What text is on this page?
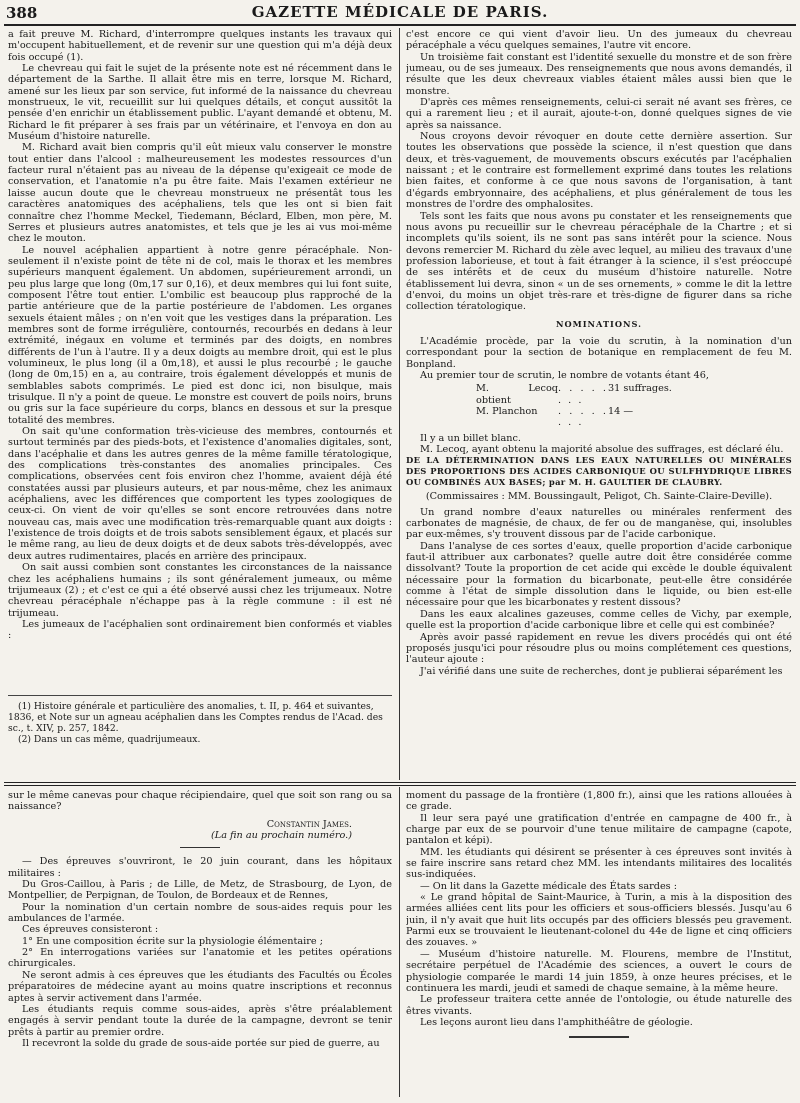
388	GAZETTE MÉDICALE DE PARIS.

a fait preuve M. Richard, d'interrompre quelques instants les travaux qui m'occupent habituellement, et de revenir sur une question qui m'a déjà deux fois occupé (1).

Le chevreau qui fait le sujet de la présente note est né récemment dans le département de la Sarthe. Il allait être mis en terre, lorsque M. Richard, amené sur les lieux par son service, fut informé de la naissance du chevreau monstrueux, le vit, recueillit sur lui quelques détails, et conçut aussitôt la pensée d'en enrichir un établissement public. L'ayant demandé et obtenu, M. Richard le fit préparer à ses frais par un vétérinaire, et l'envoya en don au Muséum d'histoire naturelle.

M. Richard avait bien compris qu'il eût mieux valu conserver le monstre tout entier dans l'alcool : malheureusement les modestes ressources d'un facteur rural n'étaient pas au niveau de la dépense qu'exigeait ce mode de conservation, et l'anatomie n'a pu être faite. Mais l'examen extérieur ne laisse aucun doute que le chevreau monstrueux ne présentât tous les caractères anatomiques des acéphaliens, tels que les ont si bien fait connaître chez l'homme Meckel, Tiedemann, Béclard, Elben, mon père, M. Serres et plusieurs autres anatomistes, et tels que je les ai vus moi-même chez le mouton.

Le nouvel acéphalien appartient à notre genre péracéphale. Non-seulement il n'existe point de tête ni de col, mais le thorax et les membres supérieurs manquent également. Un abdomen, supérieurement arrondi, un peu plus large que long (0m,17 sur 0,16), et deux membres qui lui font suite, composent l'être tout entier. L'ombilic est beaucoup plus rapproché de la partie antérieure que de la partie postérieure de l'abdomen. Les organes sexuels étaient mâles ; on n'en voit que les vestiges dans la préparation. Les membres sont de forme irrégulière, contournés, recourbés en dedans à leur extrémité, inégaux en volume et terminés par des doigts, en nombres différents de l'un à l'autre. Il y a deux doigts au membre droit, qui est le plus volumineux, le plus long (il a 0m,18), et aussi le plus recourbé ; le gauche (long de 0m,15) en a, au contraire, trois également développés et munis de semblables sabots comprimés. Le pied est donc ici, non bisulque, mais trisulque. Il n'y a point de queue. Le monstre est couvert de poils noirs, bruns ou gris sur la face supérieure du corps, blancs en dessous et sur la presque totalité des membres.

On sait qu'une conformation très-vicieuse des membres, contournés et surtout terminés par des pieds-bots, et l'existence d'anomalies digitales, sont, dans l'acéphalie et dans les autres genres de la même famille tératologique, des complications très-constantes des anomalies principales. Ces complications, observées cent fois environ chez l'homme, avaient déjà été constatées aussi par plusieurs auteurs, et par nous-même, chez les animaux acéphaliens, avec les différences que comportent les types zoologiques de ceux-ci. On vient de voir qu'elles se sont encore retrouvées dans notre nouveau cas, mais avec une modification très-remarquable quant aux doigts : l'existence de trois doigts et de trois sabots sensiblement égaux, et placés sur le même rang, au lieu de deux doigts et de deux sabots très-développés, avec deux autres rudimentaires, placés en arrière des principaux.

On sait aussi combien sont constantes les circonstances de la naissance chez les acéphaliens humains ; ils sont généralement jumeaux, ou même trijumeaux (2) ; et c'est ce qui a été observé aussi chez les trijumeaux. Notre chevreau péracéphale n'échappe pas à la règle commune : il est né trijumeau.

Les jumeaux de l'acéphalien sont ordinairement bien conformés et viables :

(1) Histoire générale et particulière des anomalies, t. II, p. 464 et suivantes, 1836, et Note sur un agneau acéphalien dans les Comptes rendus de l'Acad. des sc., t. XIV, p. 257, 1842.

(2) Dans un cas même, quadrijumeaux.

c'est encore ce qui vient d'avoir lieu. Un des jumeaux du chevreau péracéphale a vécu quelques semaines, l'autre vit encore.

Un troisième fait constant est l'identité sexuelle du monstre et de son frère jumeau, ou de ses jumeaux. Des renseignements que nous avons demandés, il résulte que les deux chevreaux viables étaient mâles aussi bien que le monstre.

D'après ces mêmes renseignements, celui-ci serait né avant ses frères, ce qui a rarement lieu ; et il aurait, ajoute-t-on, donné quelques signes de vie après sa naissance.

Nous croyons devoir révoquer en doute cette dernière assertion. Sur toutes les observations que possède la science, il n'est question que dans deux, et très-vaguement, de mouvements obscurs exécutés par l'acéphalien naissant ; et le contraire est formellement exprimé dans toutes les relations bien faites, et conforme à ce que nous savons de l'organisation, à tant d'égards embryonnaire, des acéphaliens, et plus généralement de tous les monstres de l'ordre des omphalosites.

Tels sont les faits que nous avons pu constater et les renseignements que nous avons pu recueillir sur le chevreau péracéphale de la Chartre ; et si incomplets qu'ils soient, ils ne sont pas sans intérêt pour la science. Nous devons remercier M. Richard du zèle avec lequel, au milieu des travaux d'une profession laborieuse, et tout à fait étranger à la science, il s'est préoccupé de ses intérêts et de ceux du muséum d'histoire naturelle. Notre établissement lui devra, sinon « un de ses ornements, » comme le dit la lettre d'envoi, du moins un objet très-rare et très-digne de figurer dans sa riche collection tératologique.

NOMINATIONS.

L'Académie procède, par la voie du scrutin, à la nomination d'un correspondant pour la section de botanique en remplacement de feu M. Bonpland.

Au premier tour de scrutin, le nombre de votants étant 46,

M. Lecoq obtient
. . . . . . . .
31 suffrages.
M. Planchon	. . . . . . . .
14 —

Il y a un billet blanc.

M. Lecoq, ayant obtenu la majorité absolue des suffrages, est déclaré élu.

DE LA DÉTERMINATION DANS LES EAUX NATURELLES OU MINÉRALES DES PROPORTIONS DES ACIDES CARBONIQUE OU SULFHYDRIQUE LIBRES OU COMBINÉS AUX BASES; par M. H. GAULTIER DE CLAUBRY.

(Commissaires : MM. Boussingault, Peligot, Ch. Sainte-Claire-Deville).

Un grand nombre d'eaux naturelles ou minérales renferment des carbonates de magnésie, de chaux, de fer ou de manganèse, qui, insolubles par eux-mêmes, s'y trouvent dissous par de l'acide carbonique.

Dans l'analyse de ces sortes d'eaux, quelle proportion d'acide carbonique faut-il attribuer aux carbonates? quelle autre doit être considérée comme dissolvant? Toute la proportion de cet acide qui excède le double équivalent nécessaire pour la formation du bicarbonate, peut-elle être considérée comme à l'état de simple dissolution dans le liquide, ou bien est-elle nécessaire pour que les bicarbonates y restent dissous?

Dans les eaux alcalines gazeuses, comme celles de Vichy, par exemple, quelle est la proportion d'acide carbonique libre et celle qui est combinée?

Après avoir passé rapidement en revue les divers procédés qui ont été proposés jusqu'ici pour résoudre plus ou moins complétement ces questions, l'auteur ajoute :

J'ai vérifié dans une suite de recherches, dont je publierai séparément les

sur le même canevas pour chaque récipiendaire, quel que soit son rang ou sa naissance?

Constantin James.
(La fin au prochain numéro.)

— Des épreuves s'ouvriront, le 20 juin courant, dans les hôpitaux militaires :

Du Gros-Caillou, à Paris ; de Lille, de Metz, de Strasbourg, de Lyon, de Montpellier, de Perpignan, de Toulon, de Bordeaux et de Rennes,

Pour la nomination d'un certain nombre de sous-aides requis pour les ambulances de l'armée.

Ces épreuves consisteront :

1° En une composition écrite sur la physiologie élémentaire ;

2° En interrogations variées sur l'anatomie et les petites opérations chirurgicales.

Ne seront admis à ces épreuves que les étudiants des Facultés ou Écoles préparatoires de médecine ayant au moins quatre inscriptions et reconnus aptes à servir activement dans l'armée.

Les étudiants requis comme sous-aides, après s'être préalablement engagés à servir pendant toute la durée de la campagne, devront se tenir prêts à partir au premier ordre.

Il recevront la solde du grade de sous-aide portée sur pied de guerre, au

moment du passage de la frontière (1,800 fr.), ainsi que les rations allouées à ce grade.

Il leur sera payé une gratification d'entrée en campagne de 400 fr., à charge par eux de se pourvoir d'une tenue militaire de campagne (capote, pantalon et képi).

MM. les étudiants qui désirent se présenter à ces épreuves sont invités à se faire inscrire sans retard chez MM. les intendants militaires des localités sus-indiquées.

— On lit dans la Gazette médicale des États sardes :

« Le grand hôpital de Saint-Maurice, à Turin, a mis à la disposition des armées alliées cent lits pour les officiers et sous-officiers blessés. Jusqu'au 6 juin, il n'y avait que huit lits occupés par des officiers blessés peu gravement. Parmi eux se trouvaient le lieutenant-colonel du 44e de ligne et cinq officiers des zouaves. »

— Muséum d'histoire naturelle. M. Flourens, membre de l'Institut, secrétaire perpétuel de l'Académie des sciences, a ouvert le cours de physiologie comparée le mardi 14 juin 1859, à onze heures précises, et le continuera les mardi, jeudi et samedi de chaque semaine, à la même heure.

Le professeur traitera cette année de l'ontologie, ou étude naturelle des êtres vivants.

Les leçons auront lieu dans l'amphithéâtre de géologie.
